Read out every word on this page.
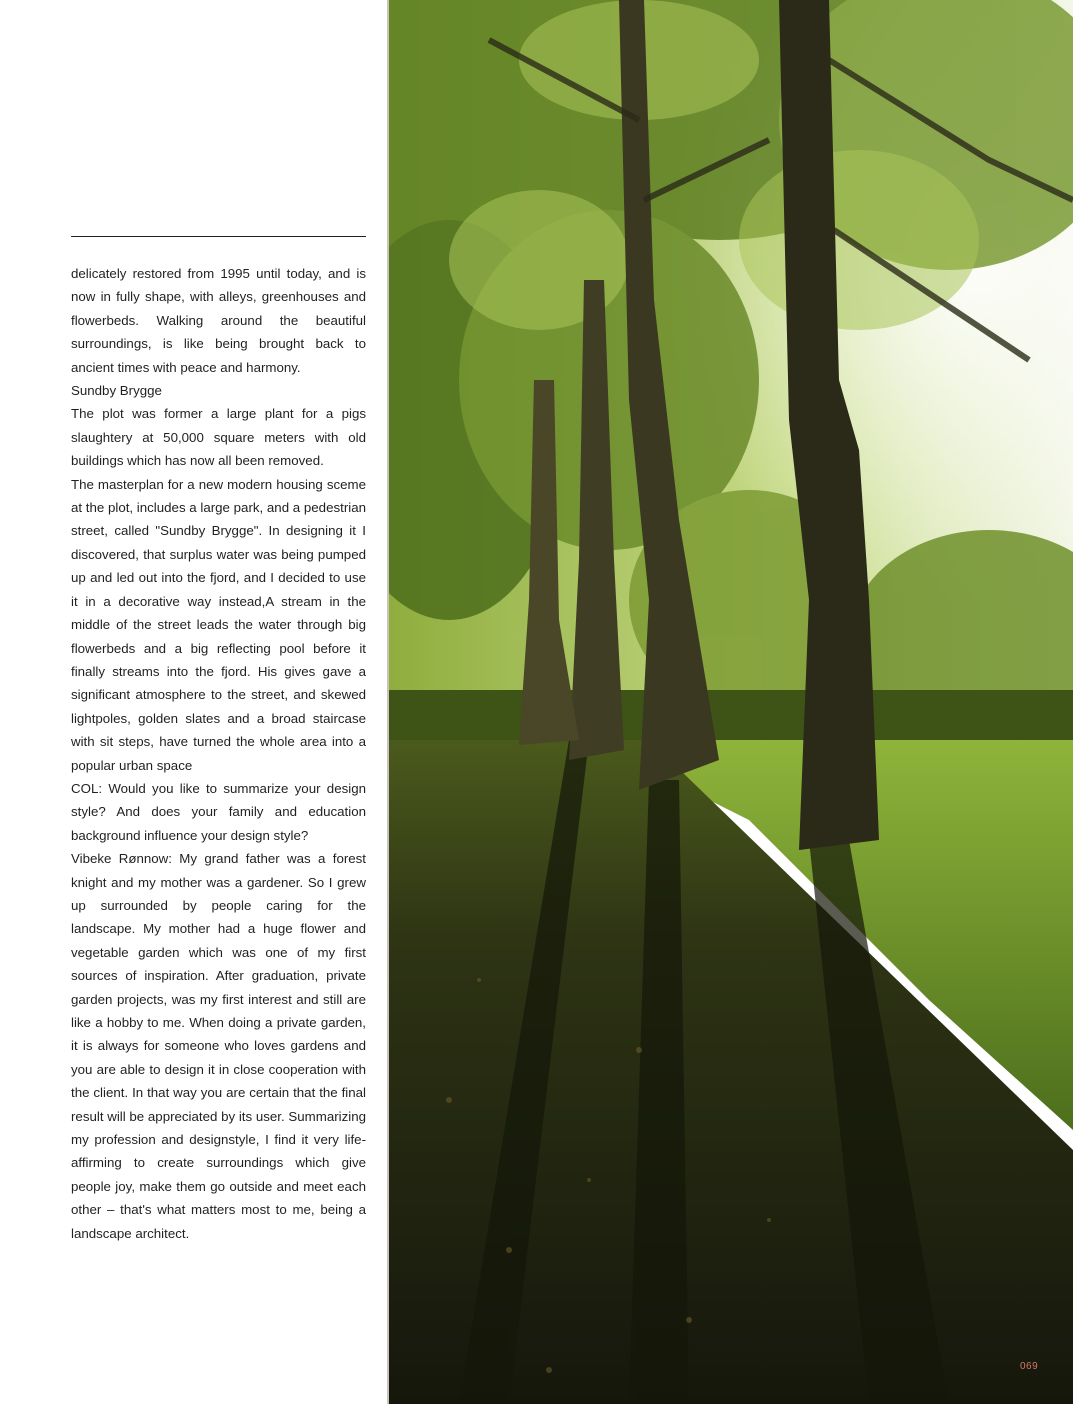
delicately restored from 1995 until today, and is now in fully shape, with alleys, greenhouses and flowerbeds. Walking around the beautiful surroundings, is like being brought back to ancient times with peace and harmony.

Sundby Brygge

The plot was former a large plant for a pigs slaughtery at 50,000 square meters with old buildings which has now all been removed.

The masterplan for a new modern housing sceme at the plot, includes a large park, and a pedestrian street, called "Sundby Brygge". In designing it I discovered, that surplus water was being pumped up and led out into the fjord, and I decided to use it in a decorative way instead,A stream in the middle of the street leads the water through big flowerbeds and a big reflecting pool before it finally streams into the fjord. His gives gave a significant atmosphere to the street, and skewed lightpoles, golden slates and a broad staircase with sit steps, have turned the whole area into a popular urban space

COL: Would you like to summarize your design style? And does your family and education background influence your design style?

Vibeke Rønnow: My grand father was a forest knight and my mother was a gardener. So I grew up surrounded by people caring for the landscape. My mother had a huge flower and vegetable garden which was one of my first sources of inspiration. After graduation, private garden projects, was my first interest and still are like a hobby to me. When doing a private garden, it is always for someone who loves gardens and you are able to design it in close cooperation with the client. In that way you are certain that the final result will be appreciated by its user. Summarizing my profession and designstyle, I find it very life-affirming to create surroundings which give people joy, make them go outside and meet each other – that's what matters most to me, being a landscape architect.

069
